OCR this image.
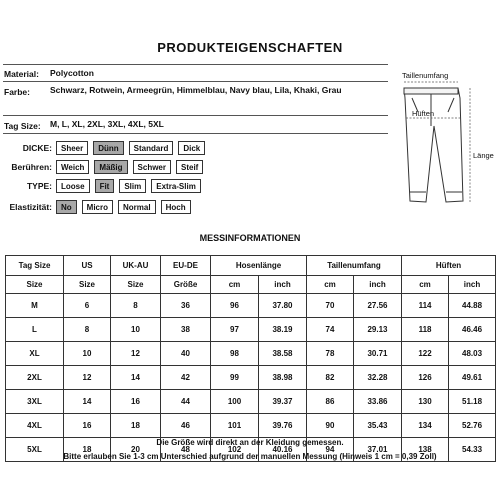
PRODUKTEIGENSCHAFTEN
Material: Polycotton
Farbe: Schwarz, Rotwein, Armeegrün, Himmelblau, Navy blau, Lila, Khaki, Grau
Tag Size: M, L, XL, 2XL, 3XL, 4XL, 5XL
DICKE:	Sheer	Dünn	Standard	Dick
Berühren:	Weich	Mäßig	Schwer	Steif
TYPE:	Loose	Fit	Slim	Extra-Slim
Elastizität:	No	Micro	Normal	Hoch
Taillenumfang
Hüften
Länge
MESSINFORMATIONEN
Tag Size	US	UK-AU	EU-DE	Hosenlänge		Taillenumfang		Hüften	
Size	Size	Size	Größe	cm	inch	cm	inch	cm	inch
M	6	8	36	96	37.80	70	27.56	114	44.88
L	8	10	38	97	38.19	74	29.13	118	46.46
XL	10	12	40	98	38.58	78	30.71	122	48.03
2XL	12	14	42	99	38.98	82	32.28	126	49.61
3XL	14	16	44	100	39.37	86	33.86	130	51.18
4XL	16	18	46	101	39.76	90	35.43	134	52.76
5XL	18	20	48	102	40.16	94	37.01	138	54.33
Die Größe wird direkt an der Kleidung gemessen.
Bitte erlauben Sie 1-3 cm Unterschied aufgrund der manuellen Messung (Hinweis 1 cm = 0,39 Zoll)
